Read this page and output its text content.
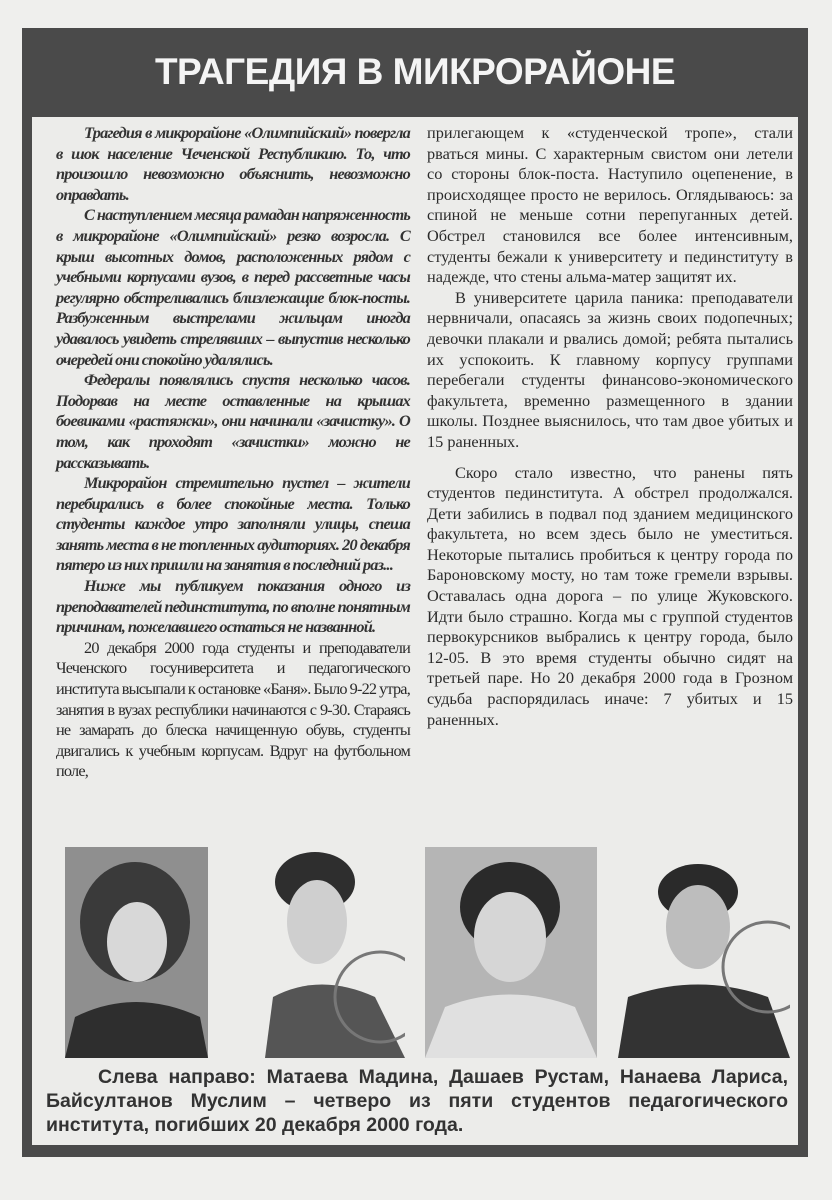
ТРАГЕДИЯ В МИКРОРАЙОНЕ

Трагедия в микрорайоне «Олимпийский» повергла в шок население Чеченской Республикию. То, что произошло невозможно объяснить, невозможно оправдать.

С наступлением месяца рамадан напряженность в микрорайоне «Олимпийский» резко возросла. С крыш высотных домов, расположенных рядом с учебными корпусами вузов, в перед рассветные часы регулярно обстреливались близлежащие блок-посты. Разбуженным выстрелами жильцам иногда удавалось увидеть стрелявших – выпустив несколько очередей они спокойно удалялись.

Федералы появлялись спустя несколько часов. Подорвав на месте оставленные на крышах боевиками «растяжки», они начинали «зачистку». О том, как проходят «зачистки» можно не рассказывать.

Микрорайон стремительно пустел – жители перебирались в более спокойные места. Только студенты каждое утро заполняли улицы, спеша занять места в не топленных аудиториях. 20 декабря пятеро из них пришли на занятия в последний раз...

Ниже мы публикуем показания одного из преподавателей пединститута, по вполне понятным причинам, пожелавшего остаться не названной.

20 декабря 2000 года студенты и преподаватели Чеченского госуниверситета и педагогического института высыпали к остановке «Баня». Было 9-22 утра, занятия в вузах республики начинаются с 9-30. Стараясь не замарать до блеска начищенную обувь, студенты двигались к учебным корпусам. Вдруг на футбольном поле,

прилегающем к «студенческой тропе», стали рваться мины. С характерным свистом они летели со стороны блок-поста. Наступило оцепенение, в происходящее просто не верилось. Оглядываюсь: за спиной не меньше сотни перепуганных детей. Обстрел становился все более интенсивным, студенты бежали к университету и пединституту в надежде, что стены альма-матер защитят их.

В университете царила паника: преподаватели нервничали, опасаясь за жизнь своих подопечных; девочки плакали и рвались домой; ребята пытались их успокоить. К главному корпусу группами перебегали студенты финансово-экономического факультета, временно размещенного в здании школы. Позднее выяснилось, что там двое убитых и 15 раненных.

Скоро стало известно, что ранены пять студентов пединститута. А обстрел продолжался. Дети забились в подвал под зданием медицинского факультета, но всем здесь было не уместиться. Некоторые пытались пробиться к центру города по Бароновскому мосту, но там тоже гремели взрывы. Оставалась одна дорога – по улице Жуковского. Идти было страшно. Когда мы с группой студентов первокурсников выбрались к центру города, было 12-05. В это время студенты обычно сидят на третьей паре. Но 20 декабря 2000 года в Грозном судьба распорядилась иначе: 7 убитых и 15 раненных.

Слева направо: Матаева Мадина, Дашаев Рустам, Нанаева Лариса, Байсултанов Муслим – четверо из пяти студентов педагогического института, погибших 20 декабря 2000 года.
